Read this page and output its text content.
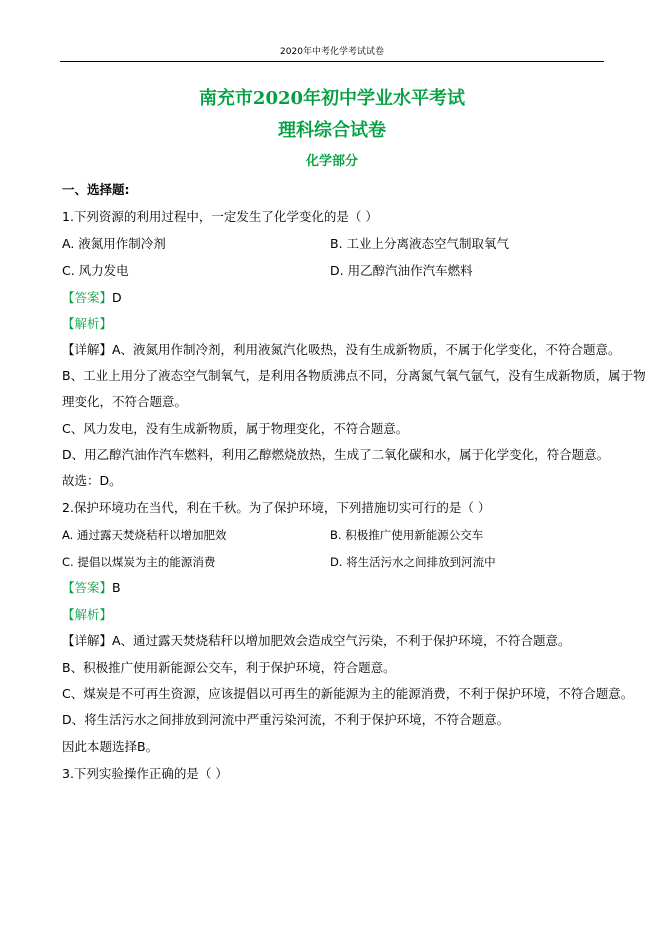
2020年中考化学考试试卷
南充市2020年初中学业水平考试
理科综合试卷
化学部分
一、选择题:
1.下列资源的利用过程中，一定发生了化学变化的是（ ）
A. 液氮用作制冷剂	B. 工业上分离液态空气制取氧气
C. 风力发电	D. 用乙醇汽油作汽车燃料
【答案】D
【解析】
【详解】A、液氮用作制冷剂，利用液氮汽化吸热，没有生成新物质，不属于化学变化，不符合题意。
B、工业上用分了液态空气制氧气，是利用各物质沸点不同，分离氮气氧气氩气，没有生成新物质，属于物
理变化，不符合题意。
C、风力发电，没有生成新物质，属于物理变化，不符合题意。
D、用乙醇汽油作汽车燃料，利用乙醇燃烧放热，生成了二氧化碳和水，属于化学变化，符合题意。
故选：D。
2.保护环境功在当代，利在千秋。为了保护环境，下列措施切实可行的是（ ）
A. 通过露天焚烧秸秆以增加肥效	B. 积极推广使用新能源公交车
C. 提倡以煤炭为主的能源消费	D. 将生活污水之间排放到河流中
【答案】B
【解析】
【详解】A、通过露天焚烧秸秆以增加肥效会造成空气污染，不利于保护环境，不符合题意。
B、积极推广使用新能源公交车，利于保护环境，符合题意。
C、煤炭是不可再生资源，应该提倡以可再生的新能源为主的能源消费，不利于保护环境，不符合题意。
D、将生活污水之间排放到河流中严重污染河流，不利于保护环境，不符合题意。
因此本题选择B。
3.下列实验操作正确的是（ ）
